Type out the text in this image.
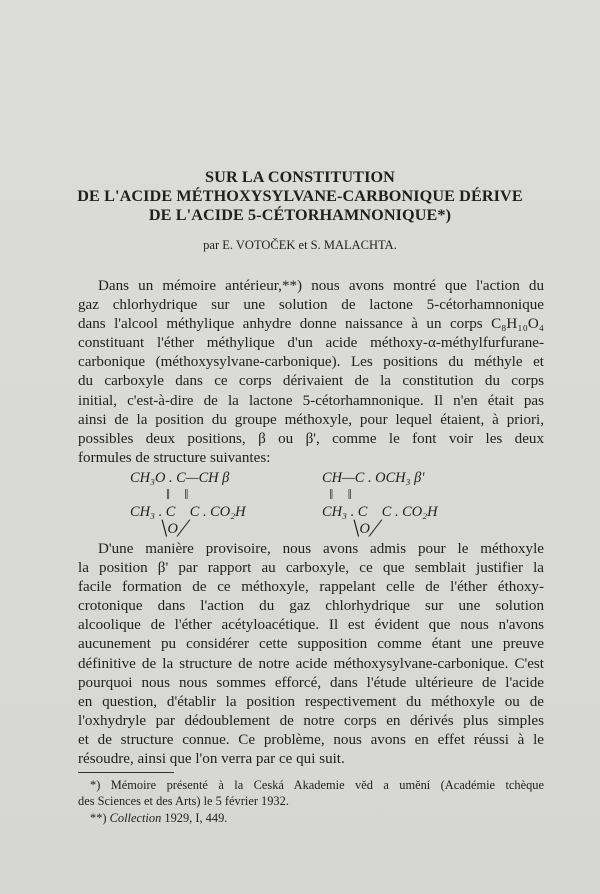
SUR LA CONSTITUTION
DE L'ACIDE MÉTHOXYSYLVANE-CARBONIQUE DÉRIVE
DE L'ACIDE 5-CÉTORHAMNONIQUE*)
par E. VOTOČEK et S. MALACHTA.
Dans un mémoire antérieur,**) nous avons montré que l'action du
gaz chlorhydrique sur une solution de lactone 5-cétorhamnonique
dans l'alcool méthylique anhydre donne naissance à un corps C₈H₁₀O₄
constituant l'éther méthylique d'un acide méthoxy-α-méthylfurfurane-
carbonique (méthoxysylvane-carbonique). Les positions du méthyle et
du carboxyle dans ce corps dérivaient de la constitution du corps
initial, c'est-à-dire de la lactone 5-cétorhamnonique. Il n'en était pas
ainsi de la position du groupe méthoxyle, pour lequel étaient, à priori,
possibles deux positions, β ou β', comme le font voir les deux
formules de structure suivantes:
CH₃O . C—CH β
‖    ‖
CH₃ . C    C . CO₂H
╲O╱
CH—C . OCH₃ β'
‖    ‖
CH₃ . C    C . CO₂H
╲O╱
D'une manière provisoire, nous avons admis pour le méthoxyle
la position β' par rapport au carboxyle, ce que semblait justifier la
facile formation de ce méthoxyle, rappelant celle de l'éther éthoxy-
crotonique dans l'action du gaz chlorhydrique sur une solution
alcoolique de l'éther acétyloacétique. Il est évident que nous n'avons
aucunement pu considérer cette supposition comme étant une preuve
définitive de la structure de notre acide méthoxysylvane-carbonique. C'est
pourquoi nous nous sommes efforcé, dans l'étude ultérieure de l'acide
en question, d'établir la position respectivement du méthoxyle ou de
l'oxhydryle par dédoublement de notre corps en dérivés plus simples
et de structure connue. Ce problème, nous avons en effet réussi à le
résoudre, ainsi que l'on verra par ce qui suit.
*) Mémoire présenté à la Ceská Akademie věd a umění (Académie tchèque
des Sciences et des Arts) le 5 février 1932.
**) Collection 1929, I, 449.
